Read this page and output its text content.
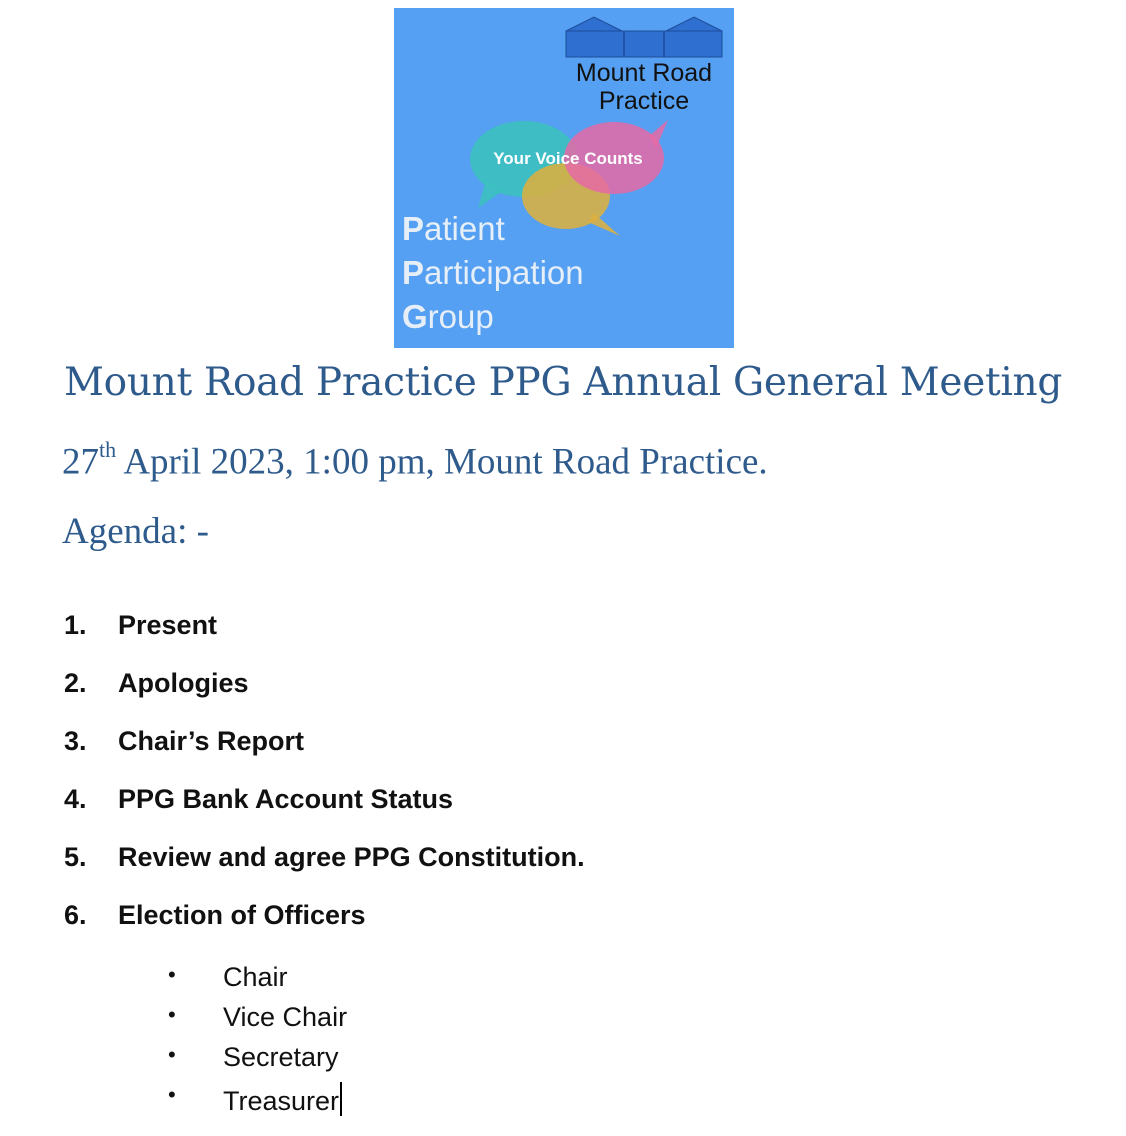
Mount Road
Practice
Your Voice Counts
Patient
Participation
Group
Mount Road Practice PPG Annual General Meeting
27th April 2023, 1:00 pm, Mount Road Practice.
Agenda: -
1. Present
2. Apologies
3. Chair’s Report
4. PPG Bank Account Status
5. Review and agree PPG Constitution.
6. Election of Officers
• Chair
• Vice Chair
• Secretary
• Treasurer
